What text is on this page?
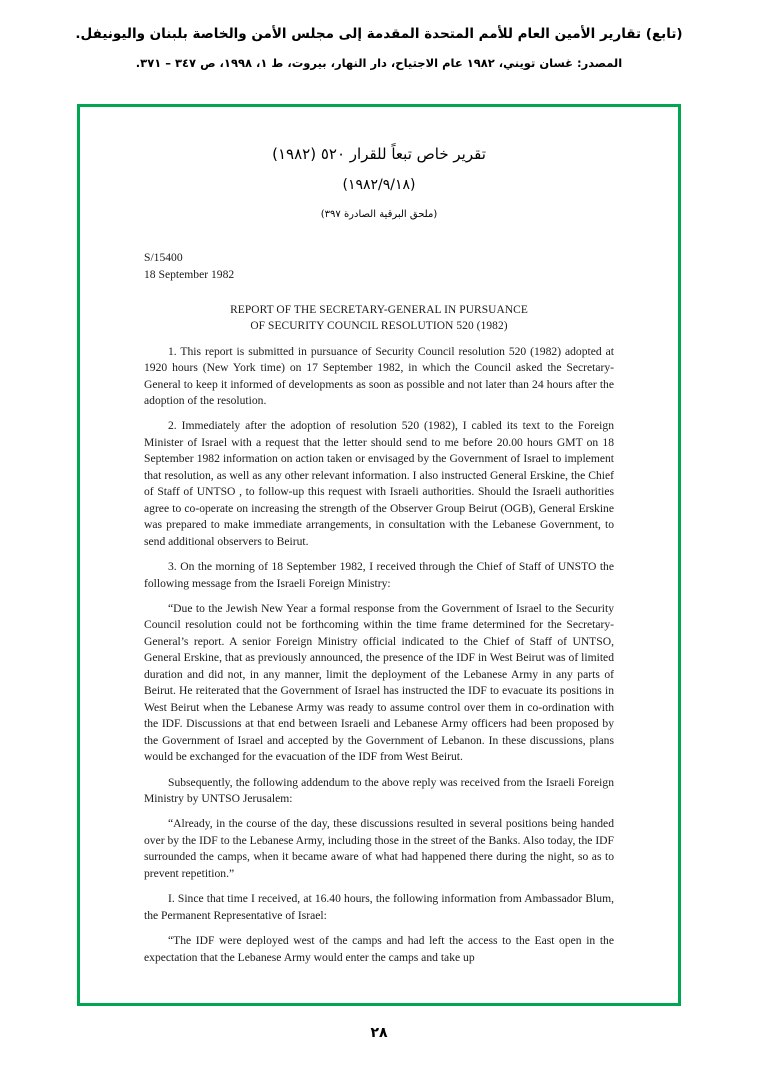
(تابع) تقارير الأمين العام للأمم المتحدة المقدمة إلى مجلس الأمن والخاصة بلبنان واليونيفل.
المصدر: غسان تويني، ١٩٨٢ عام الاجتياح، دار النهار، بيروت، ط ١، ١٩٩٨، ص ٣٤٧ – ٣٧١.
تقرير خاص تبعاً للقرار ٥٢٠ (١٩٨٢)
(١٩٨٢/٩/١٨)
(ملحق البرقية الصادرة ٣٩٧)

S/15400

18 September 1982

REPORT OF THE SECRETARY-GENERAL IN PURSUANCE
OF SECURITY COUNCIL RESOLUTION 520 (1982)

1. This report is submitted in pursuance of Security Council resolution 520 (1982) adopted at 1920 hours (New York time) on 17 September 1982, in which the Council asked the Secretary-General to keep it informed of developments as soon as possible and not later than 24 hours after the adoption of the resolution.

2. Immediately after the adoption of resolution 520 (1982), I cabled its text to the Foreign Minister of Israel with a request that the letter should send to me before 20.00 hours GMT on 18 September 1982 information on action taken or envisaged by the Government of Israel to implement that resolution, as well as any other relevant information. I also instructed General Erskine, the Chief of Staff of UNTSO , to follow-up this request with Israeli authorities. Should the Israeli authorities agree to co-operate on increasing the strength of the Observer Group Beirut (OGB), General Erskine was prepared to make immediate arrangements, in consultation with the Lebanese Government, to send additional observers to Beirut.

3. On the morning of 18 September 1982, I received through the Chief of Staff of UNSTO the following message from the Israeli Foreign Ministry:

“Due to the Jewish New Year a formal response from the Government of Israel to the Security Council resolution could not be forthcoming within the time frame determined for the Secretary-General’s report. A senior Foreign Ministry official indicated to the Chief of Staff of UNTSO, General Erskine, that as previously announced, the presence of the IDF in West Beirut was of limited duration and did not, in any manner, limit the deployment of the Lebanese Army in any parts of Beirut. He reiterated that the Government of Israel has instructed the IDF to evacuate its positions in West Beirut when the Lebanese Army was ready to assume control over them in co-ordination with the IDF. Discussions at that end between Israeli and Lebanese Army officers had been proposed by the Government of Israel and accepted by the Government of Lebanon. In these discussions, plans would be exchanged for the evacuation of the IDF from West Beirut.

Subsequently, the following addendum to the above reply was received from the Israeli Foreign Ministry by UNTSO Jerusalem:

“Already, in the course of the day, these discussions resulted in several positions being handed over by the IDF to the Lebanese Army, including those in the street of the Banks. Also today, the IDF surrounded the camps, when it became aware of what had happened there during the night, so as to prevent repetition.”

I. Since that time I received, at 16.40 hours, the following information from Ambassador Blum, the Permanent Representative of Israel:

“The IDF were deployed west of the camps and had left the access to the East open in the expectation that the Lebanese Army would enter the camps and take up

٢٨
